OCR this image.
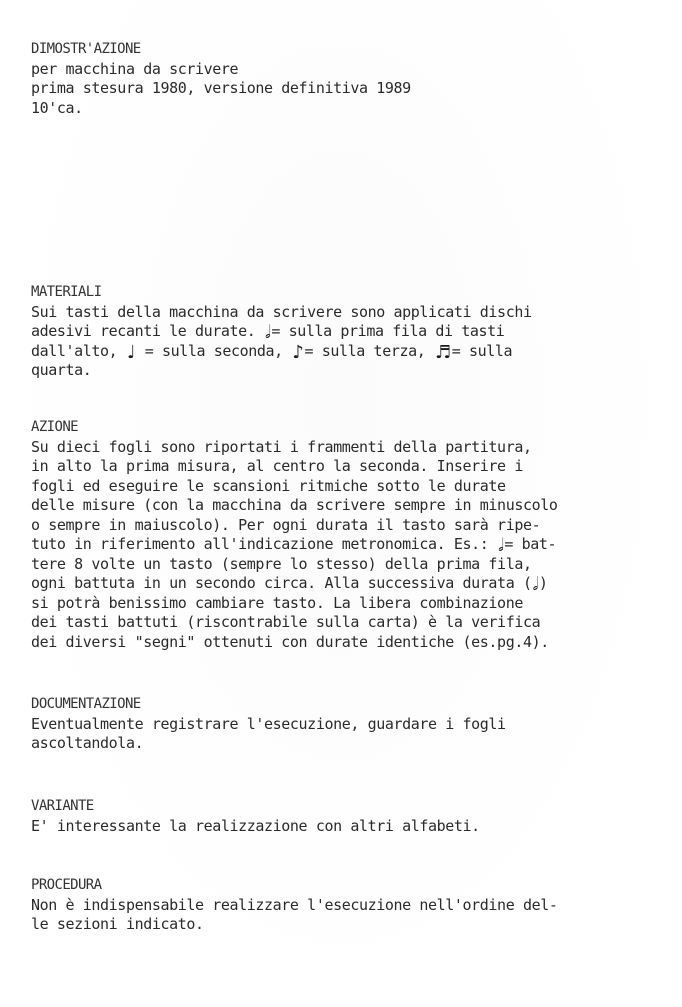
DIMOSTR'AZIONE
per macchina da scrivere
prima stesura 1980, versione definitiva 1989
10'ca.
MATERIALI
Sui tasti della macchina da scrivere sono applicati dischi
adesivi recanti le durate. 𝅗𝅥= sulla prima fila di tasti
dall'alto, ♩ = sulla seconda, ♪= sulla terza, ♬= sulla
quarta.
AZIONE
Su dieci fogli sono riportati i frammenti della partitura,
in alto la prima misura, al centro la seconda. Inserire i
fogli ed eseguire le scansioni ritmiche sotto le durate
delle misure (con la macchina da scrivere sempre in minuscolo
o sempre in maiuscolo). Per ogni durata il tasto sarà ripe-
tuto in riferimento all'indicazione metronomica. Es.: 𝅗𝅥= bat-
tere 8 volte un tasto (sempre lo stesso) della prima fila,
ogni battuta in un secondo circa. Alla successiva durata (𝅗𝅥)
si potrà benissimo cambiare tasto. La libera combinazione
dei tasti battuti (riscontrabile sulla carta) è la verifica
dei diversi "segni" ottenuti con durate identiche (es.pg.4).
DOCUMENTAZIONE
Eventualmente registrare l'esecuzione, guardare i fogli
ascoltandola.
VARIANTE
E' interessante la realizzazione con altri alfabeti.
PROCEDURA
Non è indispensabile realizzare l'esecuzione nell'ordine del-
le sezioni indicato.
